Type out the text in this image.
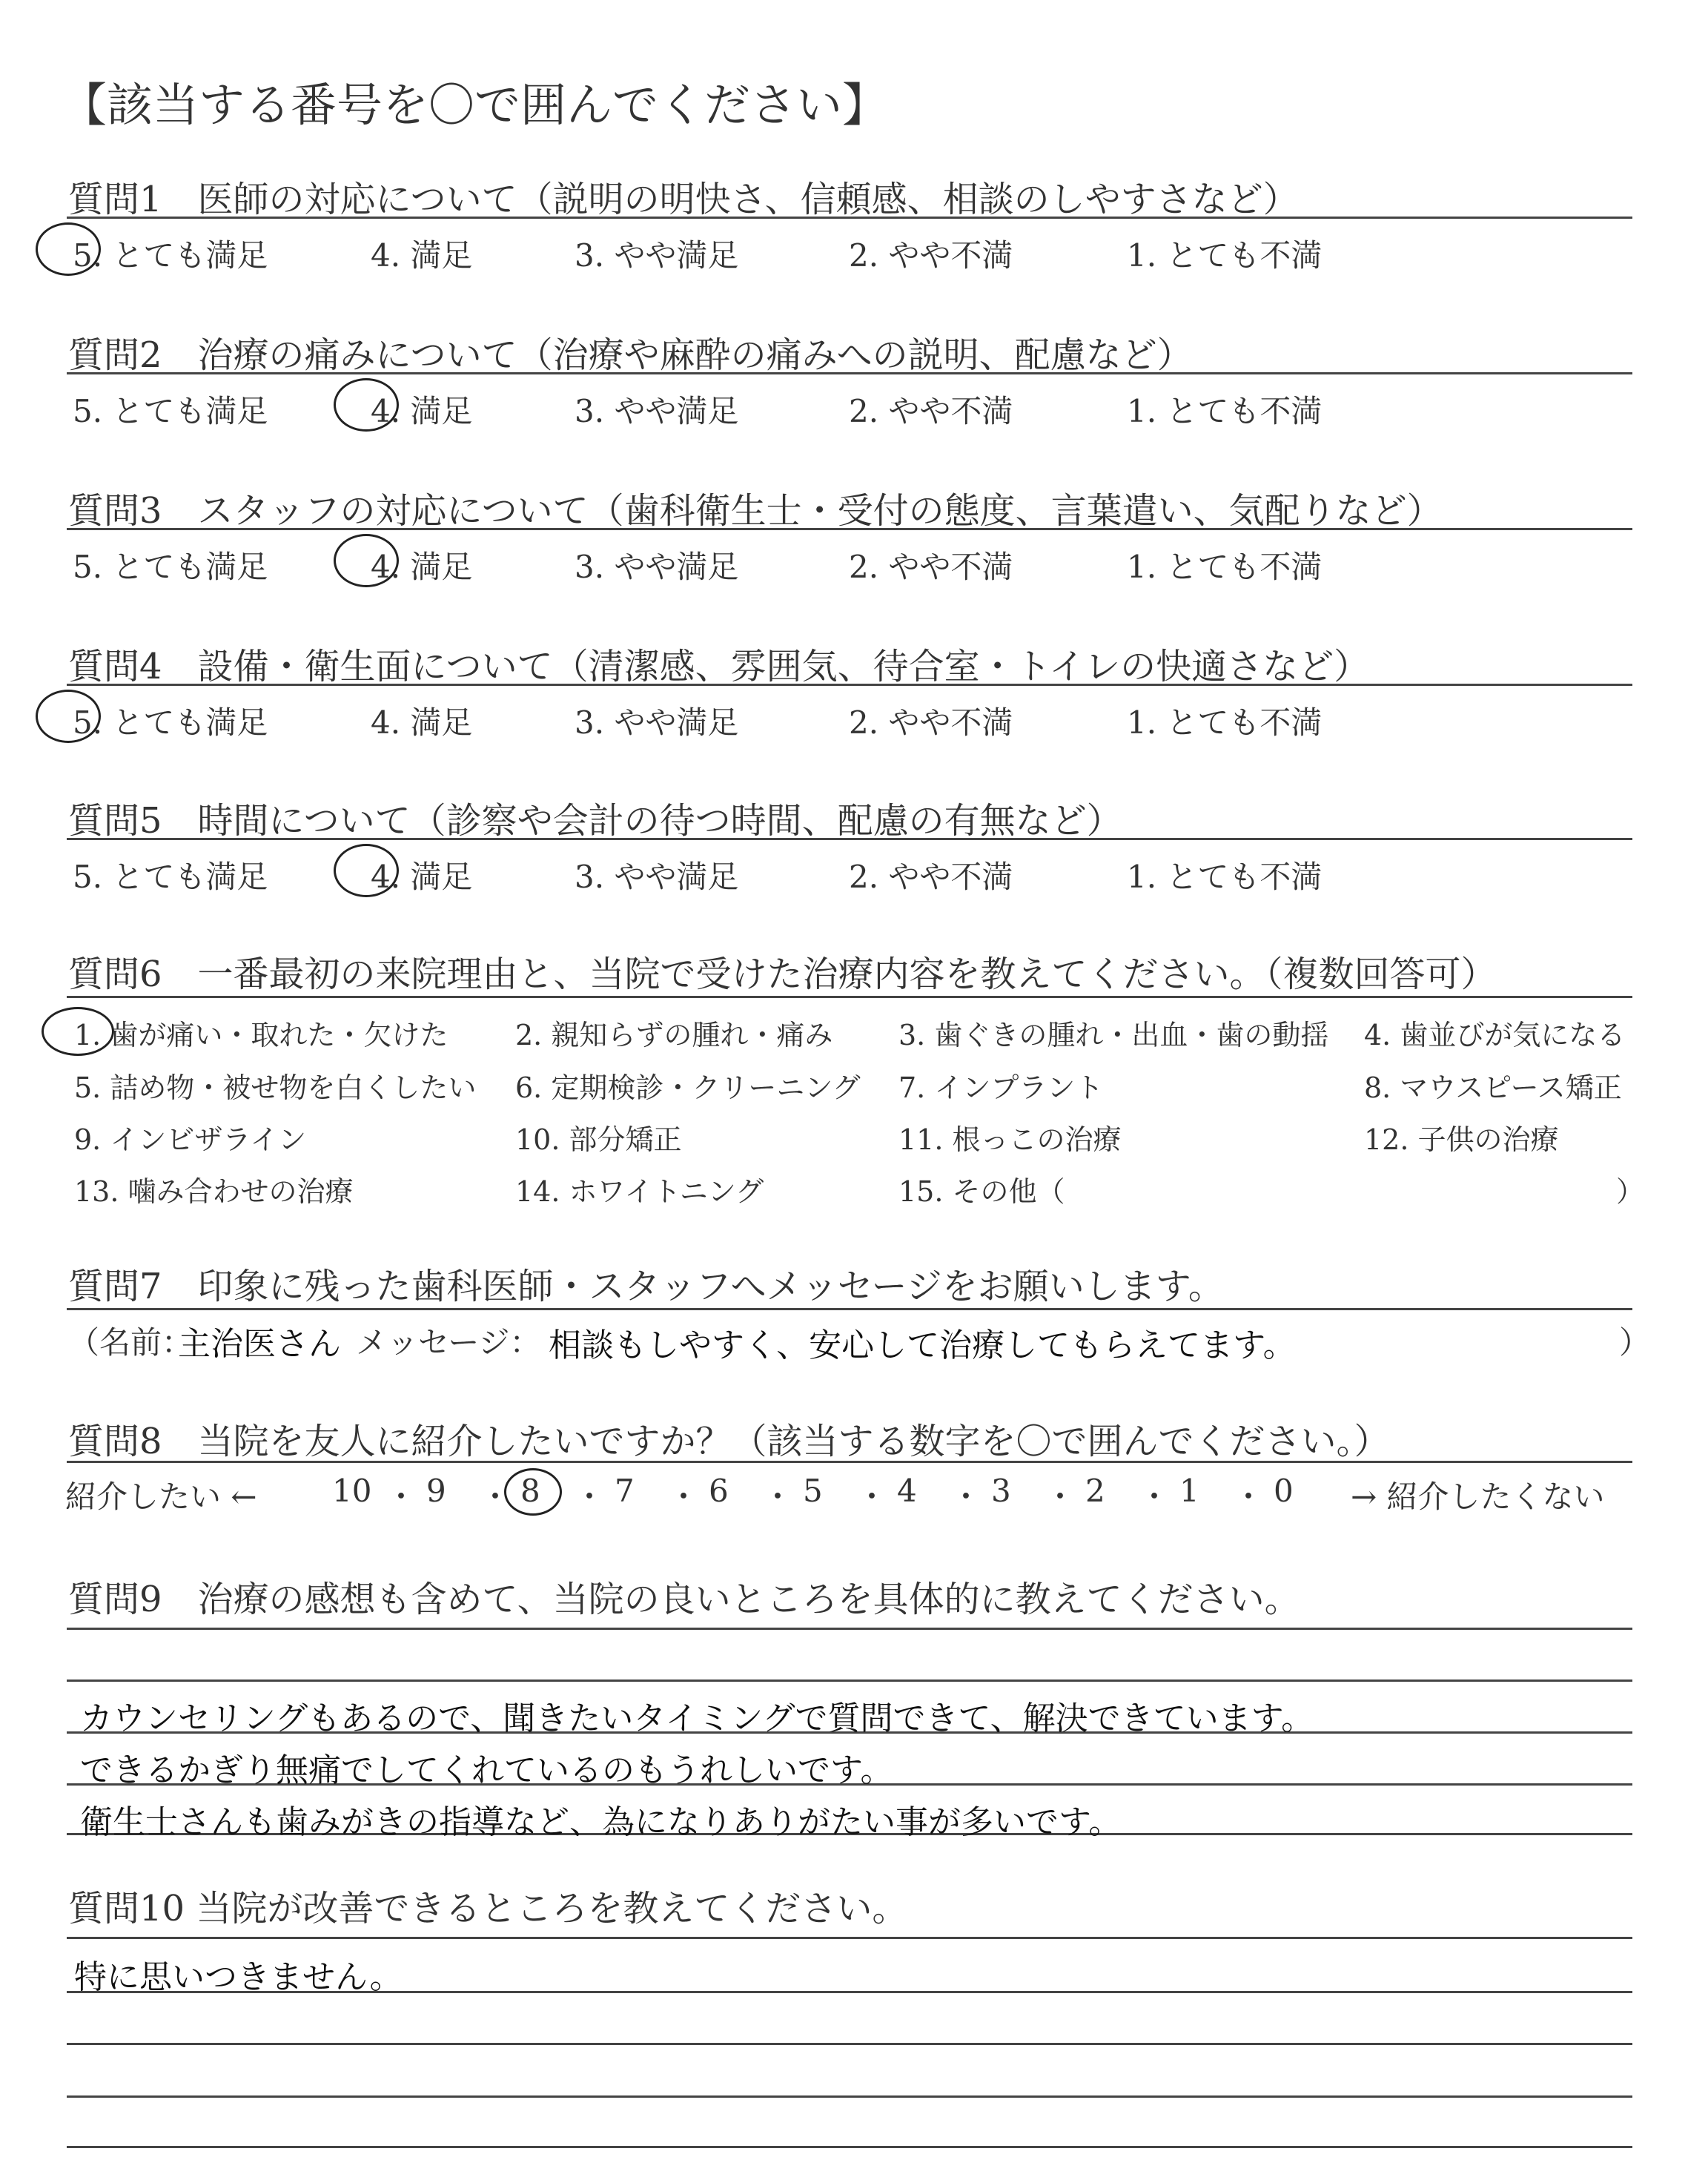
【該当する番号を〇で囲んでください】
質問6　一番最初の来院理由と、当院で受けた治療内容を教えてください。（複数回答可）
質問7　印象に残った歯科医師・スタッフへメッセージをお願いします。
（名前：
主治医さん メッセージ： 相談もしやすく、安心して治療してもらえてます。	）
質問8　当院を友人に紹介したいですか？（該当する数字を〇で囲んでください。）
紹介したい ←	→ 紹介したくない
質問9　治療の感想も含めて、当院の良いところを具体的に教えてください。
質問10 当院が改善できるところを教えてください。
質問1　医師の対応について（説明の明快さ、信頼感、相談のしやすさなど）
5. とても満足	4. 満足	3. やや満足	2. やや不満	1. とても不満
質問2　治療の痛みについて（治療や麻酔の痛みへの説明、配慮など）
5. とても満足	4. 満足	3. やや満足	2. やや不満	1. とても不満
質問3　スタッフの対応について（歯科衛生士・受付の態度、言葉遣い、気配りなど）
5. とても満足	4. 満足	3. やや満足	2. やや不満	1. とても不満
質問4　設備・衛生面について（清潔感、雰囲気、待合室・トイレの快適さなど）
5. とても満足	4. 満足	3. やや満足	2. やや不満	1. とても不満
質問5　時間について（診察や会計の待つ時間、配慮の有無など）
5. とても満足	4. 満足	3. やや満足	2. やや不満	1. とても不満
1. 歯が痛い・取れた・欠けた 2. 親知らずの腫れ・痛み 3. 歯ぐきの腫れ・出血・歯の動揺 4. 歯並びが気になる
5. 詰め物・被せ物を白くしたい 6. 定期検診・クリーニング 7. インプラント	8. マウスピース矯正
9. インビザライン	10. 部分矯正	11. 根っこの治療	12. 子供の治療
13. 噛み合わせの治療	14. ホワイトニング	15. その他（	）
10 ・ 9 ・ 8 ・ 7 ・ 6 ・ 5 ・ 4 ・ 3 ・ 2 ・ 1 ・ 0
カウンセリングもあるので、聞きたいタイミングで質問できて、解決できています。
できるかぎり無痛でしてくれているのもうれしいです。
衛生士さんも歯みがきの指導など、為になりありがたい事が多いです。
特に思いつきません。
